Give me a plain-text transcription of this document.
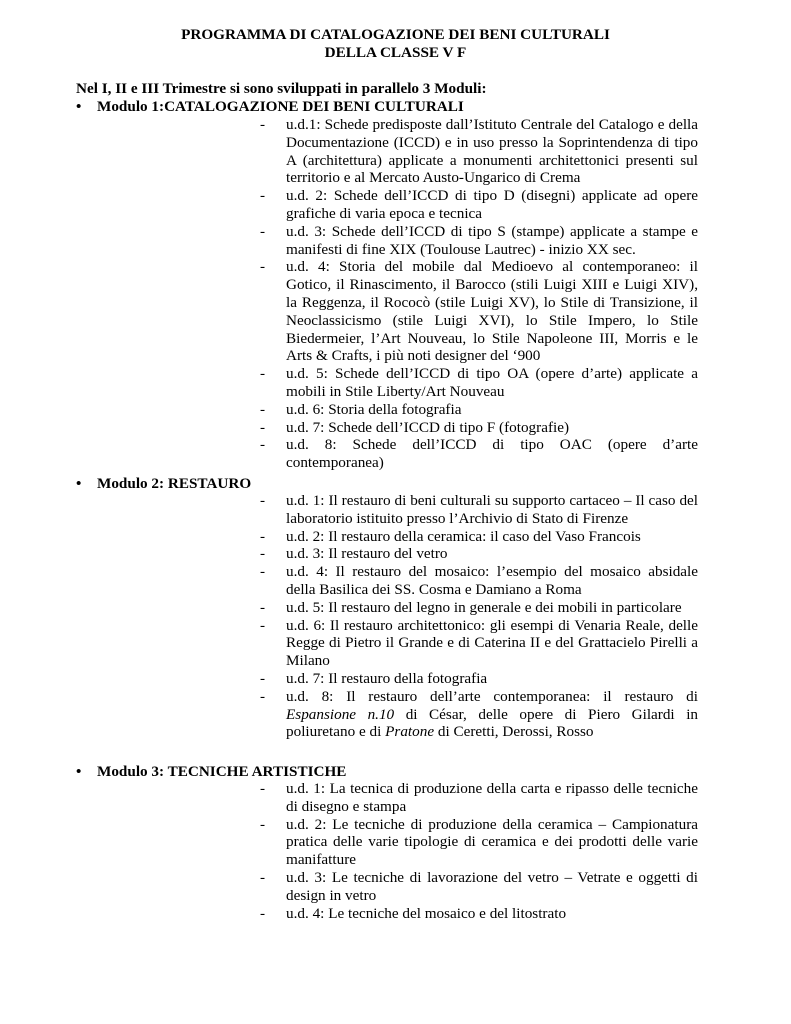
PROGRAMMA DI CATALOGAZIONE DEI BENI CULTURALI
DELLA CLASSE V F
Nel I, II e III Trimestre si sono sviluppati in parallelo 3 Moduli:
• Modulo 1:CATALOGAZIONE DEI BENI CULTURALI
- u.d.1: Schede predisposte dall’Istituto Centrale del Catalogo e della Documentazione (ICCD) e in uso presso la Soprintendenza di tipo A (architettura) applicate a monumenti architettonici presenti sul territorio e al Mercato Austo-Ungarico di Crema
- u.d. 2: Schede dell’ICCD di tipo D (disegni) applicate ad opere grafiche di varia epoca e tecnica
- u.d. 3: Schede dell’ICCD di tipo S (stampe) applicate a stampe e manifesti di fine XIX (Toulouse Lautrec) - inizio XX sec.
- u.d. 4: Storia del mobile dal Medioevo al contemporaneo: il Gotico, il Rinascimento, il Barocco (stili Luigi XIII e Luigi XIV), la Reggenza, il Rococò (stile Luigi XV), lo Stile di Transizione, il Neoclassicismo (stile Luigi XVI), lo Stile Impero, lo Stile Biedermeier, l’Art Nouveau, lo Stile Napoleone III, Morris e le Arts & Crafts, i più noti designer del ‘900
- u.d. 5: Schede dell’ICCD di tipo OA (opere d’arte) applicate a mobili in Stile Liberty/Art Nouveau
- u.d. 6: Storia della fotografia
- u.d. 7: Schede dell’ICCD di tipo F (fotografie)
- u.d. 8: Schede dell’ICCD di tipo OAC (opere d’arte contemporanea)
• Modulo 2: RESTAURO
- u.d. 1: Il restauro di beni culturali su supporto cartaceo – Il caso del laboratorio istituito presso l’Archivio di Stato di Firenze
- u.d. 2: Il restauro della ceramica: il caso del Vaso Francois
- u.d. 3: Il restauro del vetro
- u.d. 4: Il restauro del mosaico: l’esempio del mosaico absidale della Basilica dei SS. Cosma e Damiano a Roma
- u.d. 5: Il restauro del legno in generale e dei mobili in particolare
- u.d. 6: Il restauro architettonico: gli esempi di Venaria Reale, delle Regge di Pietro il Grande e di Caterina II e del Grattacielo Pirelli a Milano
- u.d. 7: Il restauro della fotografia
- u.d. 8: Il restauro dell’arte contemporanea: il restauro di Espansione n.10 di César, delle opere di Piero Gilardi in poliuretano e di Pratone di Ceretti, Derossi, Rosso
• Modulo 3: TECNICHE ARTISTICHE
- u.d. 1: La tecnica di produzione della carta e ripasso delle tecniche di disegno e stampa
- u.d. 2: Le tecniche di produzione della ceramica – Campionatura pratica delle varie tipologie di ceramica e dei prodotti delle varie manifatture
- u.d. 3: Le tecniche di lavorazione del vetro – Vetrate e oggetti di design in vetro
- u.d. 4: Le tecniche del mosaico e del litostrato
